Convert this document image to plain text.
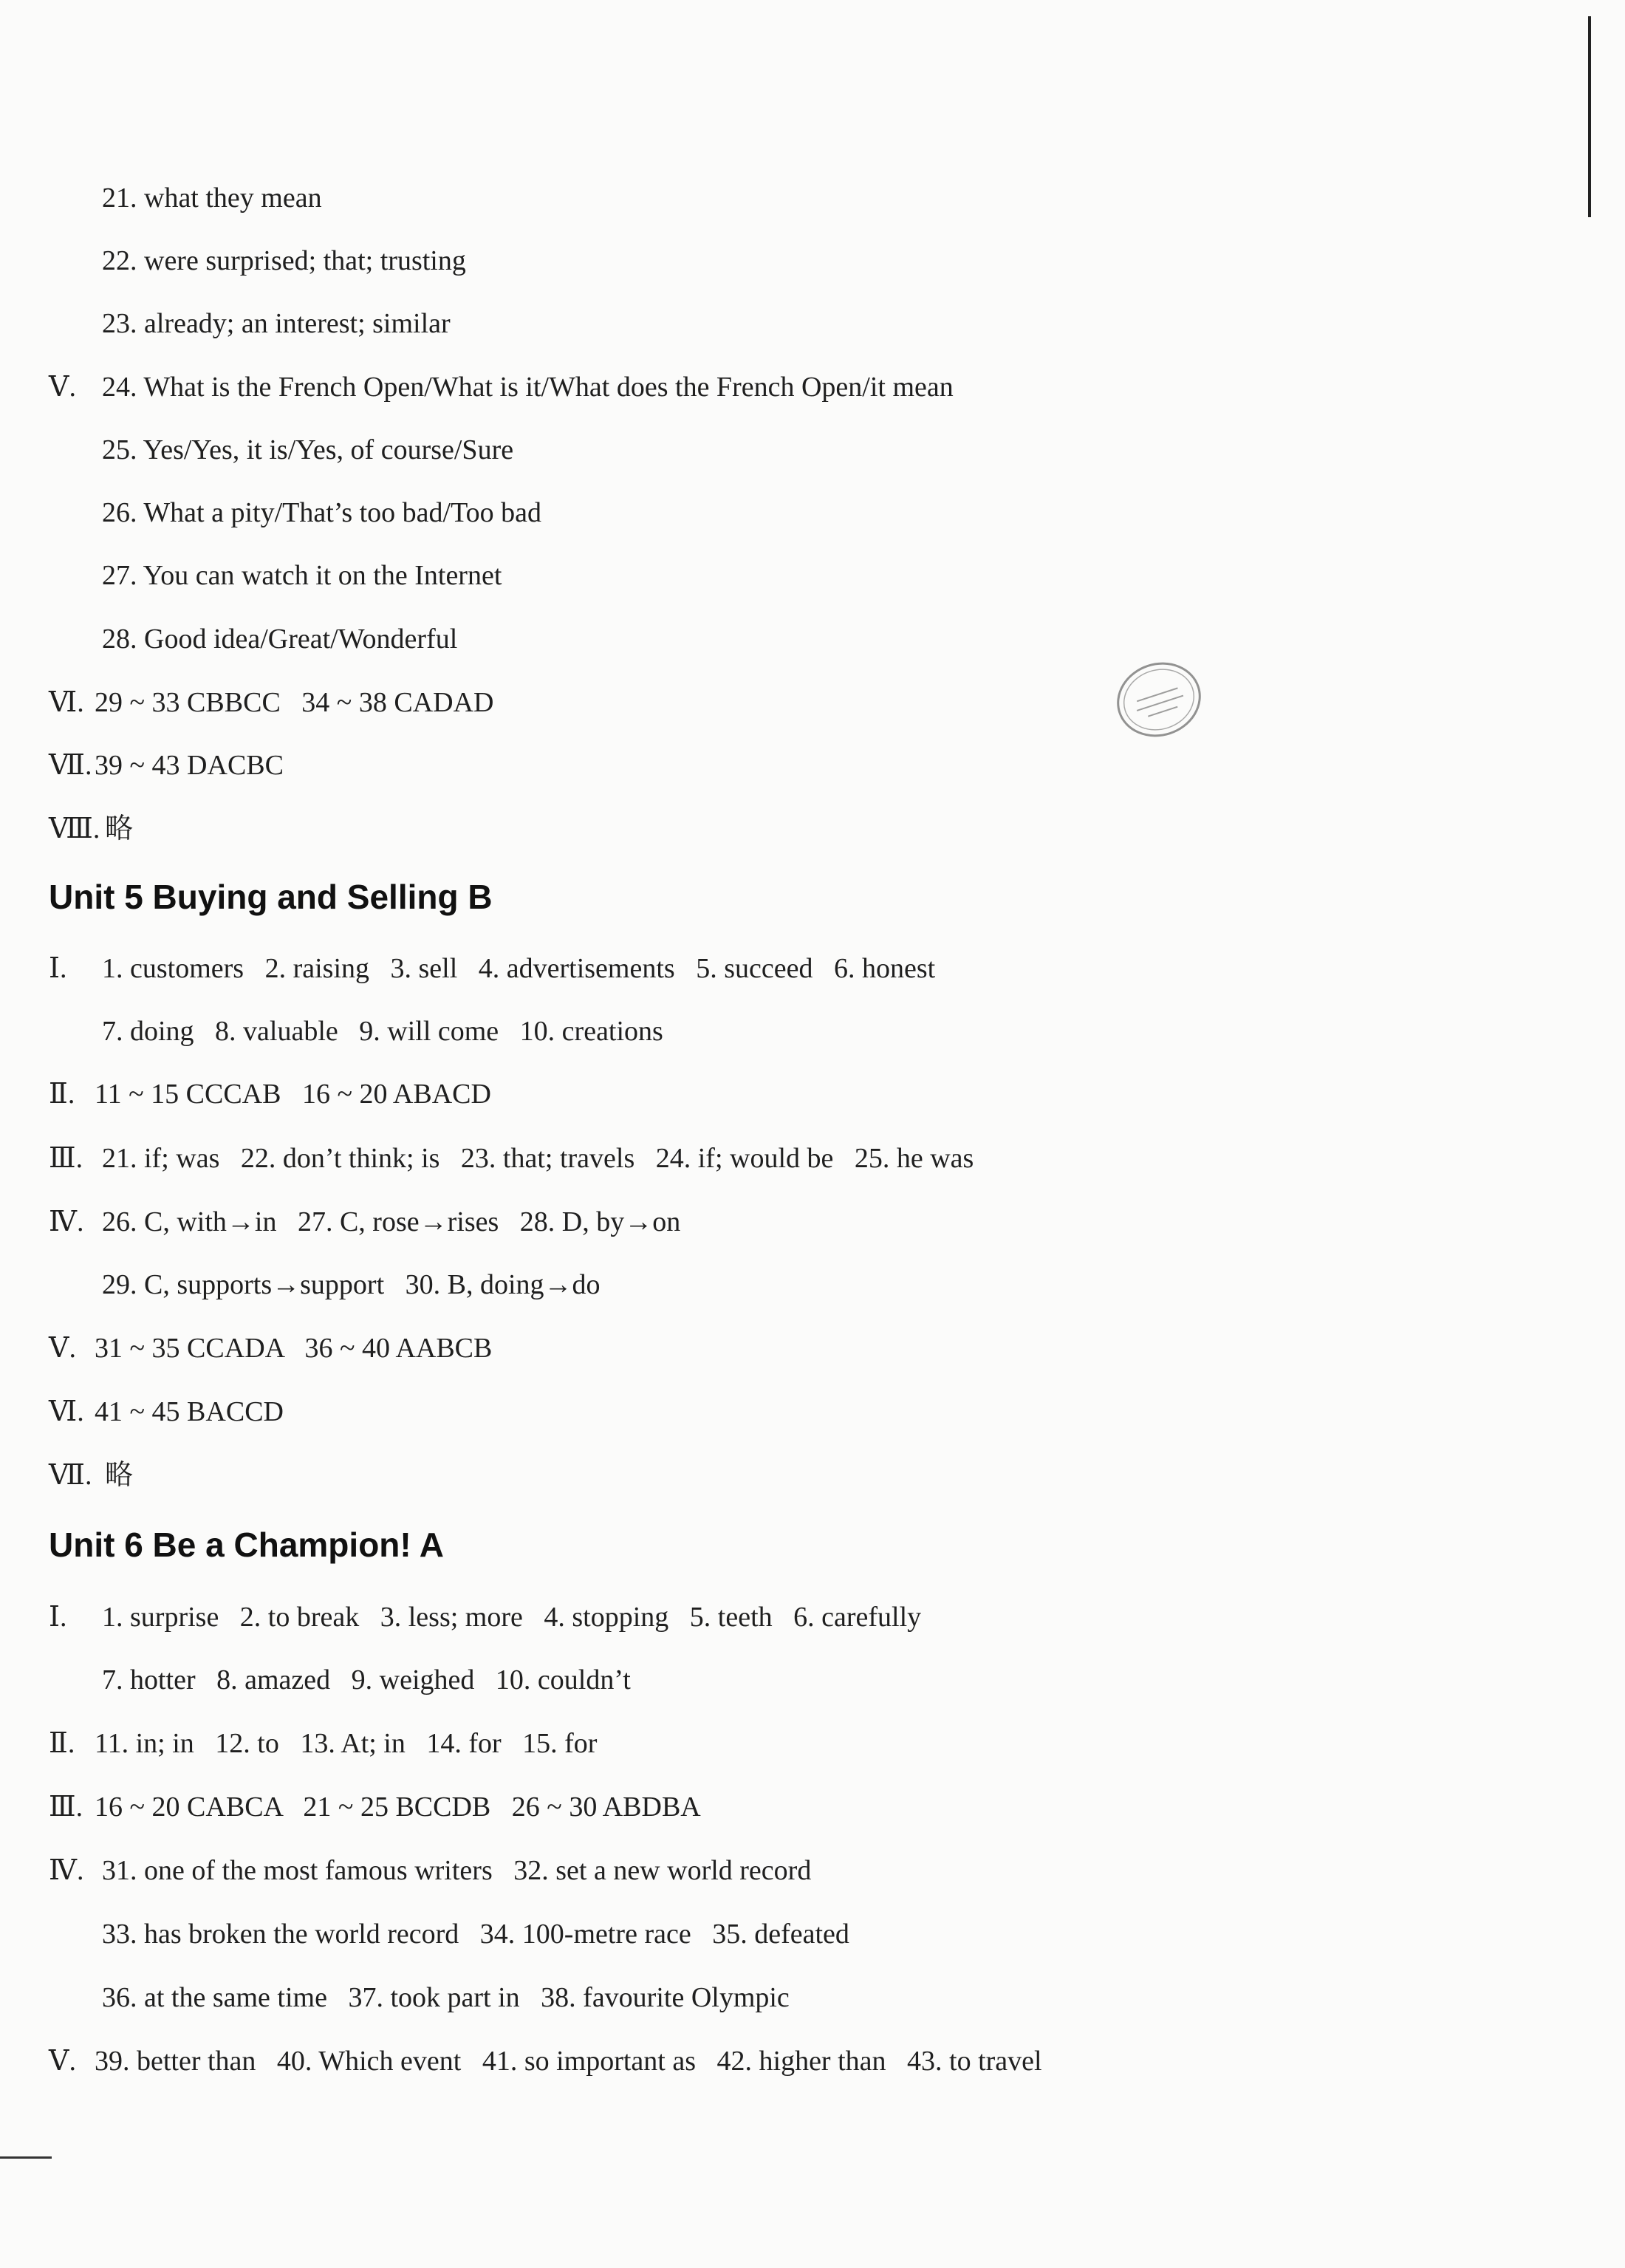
21. what they mean
22. were surprised; that; trusting
23. already; an interest; similar
Ⅴ. 24. What is the French Open/What is it/What does the French Open/it mean
25. Yes/Yes, it is/Yes, of course/Sure
26. What a pity/That’s too bad/Too bad
27. You can watch it on the Internet
28. Good idea/Great/Wonderful
Ⅵ. 29 ~ 33 CBBCC   34 ~ 38 CADAD
Ⅶ.39 ~ 43 DACBC
Ⅷ. 略
Unit 5 Buying and Selling B
Ⅰ. 1. customers   2. raising   3. sell   4. advertisements   5. succeed   6. honest
7. doing   8. valuable   9. will come   10. creations
Ⅱ. 11 ~ 15 CCCAB   16 ~ 20 ABACD
Ⅲ. 21. if; was   22. don’t think; is   23. that; travels   24. if; would be   25. he was
Ⅳ. 26. C, with→in   27. C, rose→rises   28. D, by→on
29. C, supports→support   30. B, doing→do
Ⅴ. 31 ~ 35 CCADA   36 ~ 40 AABCB
Ⅵ. 41 ~ 45 BACCD
Ⅶ. 略
Unit 6 Be a Champion! A
Ⅰ. 1. surprise   2. to break   3. less; more   4. stopping   5. teeth   6. carefully
7. hotter   8. amazed   9. weighed   10. couldn’t
Ⅱ. 11. in; in   12. to   13. At; in   14. for   15. for
Ⅲ. 16 ~ 20 CABCA   21 ~ 25 BCCDB   26 ~ 30 ABDBA
Ⅳ. 31. one of the most famous writers   32. set a new world record
33. has broken the world record   34. 100-metre race   35. defeated
36. at the same time   37. took part in   38. favourite Olympic
Ⅴ. 39. better than   40. Which event   41. so important as   42. higher than   43. to travel
